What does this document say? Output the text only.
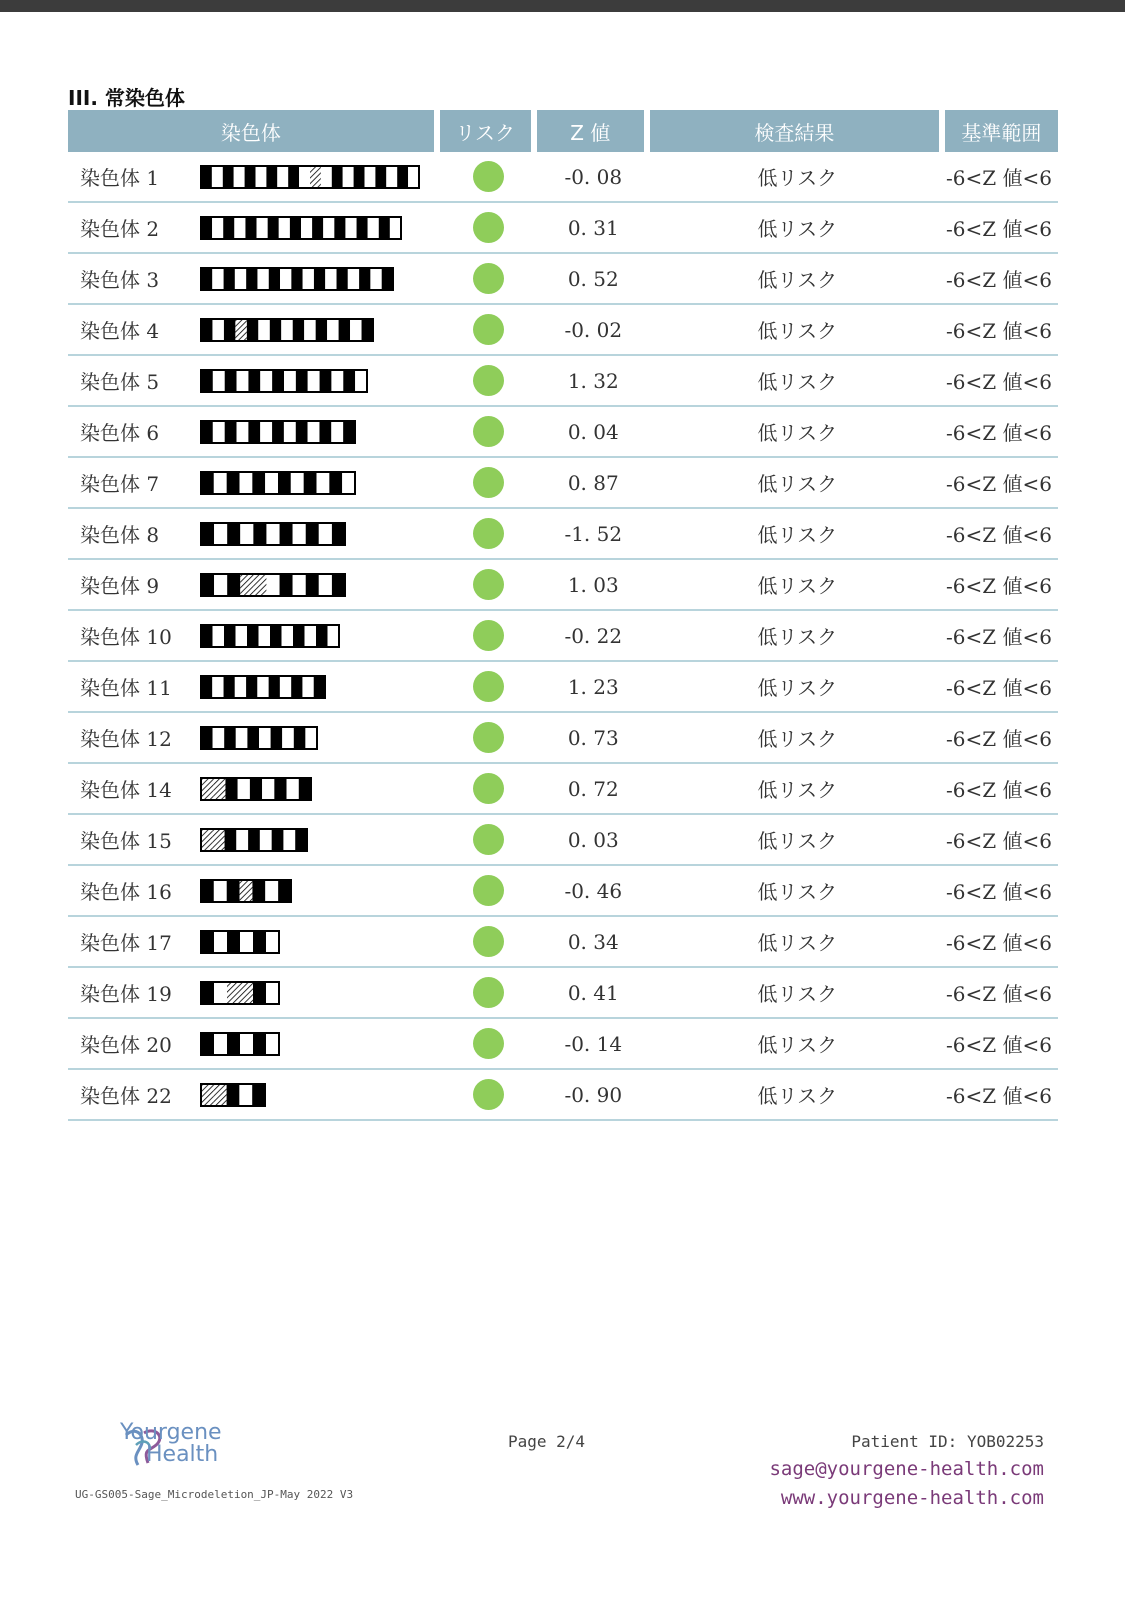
III. 常染色体
染色体		リスク	Z 値	検査結果	基準範囲
染色体 1			-0. 08	低リスク	-6<Z 値<6
染色体 2			0. 31	低リスク	-6<Z 値<6
染色体 3			0. 52	低リスク	-6<Z 値<6
染色体 4			-0. 02	低リスク	-6<Z 値<6
染色体 5			1. 32	低リスク	-6<Z 値<6
染色体 6			0. 04	低リスク	-6<Z 値<6
染色体 7			0. 87	低リスク	-6<Z 値<6
染色体 8			-1. 52	低リスク	-6<Z 値<6
染色体 9			1. 03	低リスク	-6<Z 値<6
染色体 10			-0. 22	低リスク	-6<Z 値<6
染色体 11			1. 23	低リスク	-6<Z 値<6
染色体 12			0. 73	低リスク	-6<Z 値<6
染色体 14			0. 72	低リスク	-6<Z 値<6
染色体 15			0. 03	低リスク	-6<Z 値<6
染色体 16			-0. 46	低リスク	-6<Z 値<6
染色体 17			0. 34	低リスク	-6<Z 値<6
染色体 19			0. 41	低リスク	-6<Z 値<6
染色体 20			-0. 14	低リスク	-6<Z 値<6
染色体 22			-0. 90	低リスク	-6<Z 値<6
Yourgene
Health
UG-GS005-Sage_Microdeletion_JP-May 2022 V3
Page 2/4	Patient ID: YOB02253
sage@yourgene-health.com
www.yourgene-health.com
